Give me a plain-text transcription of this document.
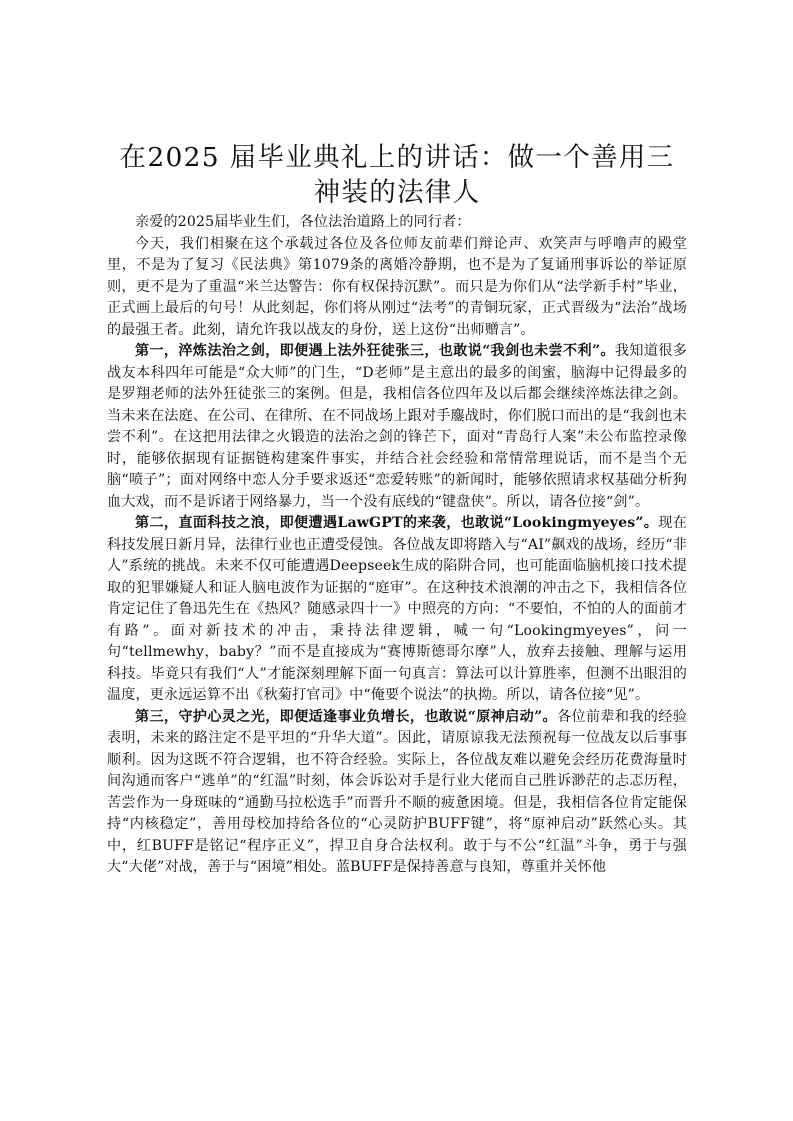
在2025 届毕业典礼上的讲话：做一个善用三
神装的法律人

亲爱的2025届毕业生们，各位法治道路上的同行者：

今天，我们相聚在这个承载过各位及各位师友前辈们辩论声、欢笑声与呼噜声的殿堂里，不是为了复习《民法典》第1079条的离婚冷静期，也不是为了复诵刑事诉讼的举证原则，更不是为了重温“米兰达警告：你有权保持沉默”。而只是为你们从“法学新手村”毕业，正式画上最后的句号！从此刻起，你们将从刚过“法考”的青铜玩家，正式晋级为“法治”战场的最强王者。此刻，请允许我以战友的身份，送上这份“出师赠言”。

第一，淬炼法治之剑，即便遇上法外狂徒张三，也敢说“我剑也未尝不利”。我知道很多战友本科四年可能是“众大师”的门生，“D老师”是主意出的最多的闺蜜，脑海中记得最多的是罗翔老师的法外狂徒张三的案例。但是，我相信各位四年及以后都会继续淬炼法律之剑。当未来在法庭、在公司、在律所、在不同战场上跟对手鏖战时，你们脱口而出的是“我剑也未尝不利”。在这把用法律之火锻造的法治之剑的锋芒下，面对“青岛行人案”未公布监控录像时，能够依据现有证据链构建案件事实，并结合社会经验和常情常理说话，而不是当个无脑“喷子”；面对网络中恋人分手要求返还“恋爱转账”的新闻时，能够依照请求权基础分析狗血大戏，而不是诉诸于网络暴力，当一个没有底线的“键盘侠”。所以，请各位接“剑”。

第二，直面科技之浪，即便遭遇LawGPT的来袭，也敢说“Lookingmyeyes”。现在科技发展日新月异，法律行业也正遭受侵蚀。各位战友即将踏入与“AI”飙戏的战场，经历“非人”系统的挑战。未来不仅可能遭遇Deepseek生成的陷阱合同，也可能面临脑机接口技术提取的犯罪嫌疑人和证人脑电波作为证据的“庭审”。在这种技术浪潮的冲击之下，我相信各位肯定记住了鲁迅先生在《热风？随感录四十一》中照亮的方向：“不要怕，不怕的人的面前才有路”。面对新技术的冲击，秉持法律逻辑，喊一句“Lookingmyeyes”，问一句“tellmewhy，baby？”而不是直接成为“赛博斯德哥尔摩”人，放弃去接触、理解与运用科技。毕竟只有我们“人”才能深刻理解下面一句真言：算法可以计算胜率，但测不出眼泪的温度，更永远运算不出《秋菊打官司》中“俺要个说法”的执拗。所以，请各位接“见”。

第三，守护心灵之光，即便适逢事业负增长，也敢说“原神启动”。各位前辈和我的经验表明，未来的路注定不是平坦的“升华大道”。因此，请原谅我无法预祝每一位战友以后事事顺利。因为这既不符合逻辑，也不符合经验。实际上，各位战友难以避免会经历花费海量时间沟通而客户“逃单”的“红温”时刻，体会诉讼对手是行业大佬而自己胜诉渺茫的忐忑历程，苦尝作为一身斑味的“通勤马拉松选手”而晋升不顺的疲惫困境。但是，我相信各位肯定能保持“内核稳定”，善用母校加持给各位的“心灵防护BUFF键”，将“原神启动”跃然心头。其中，红BUFF是铭记“程序正义”，捍卫自身合法权利。敢于与不公“红温”斗争，勇于与强大“大佬”对战，善于与“困境”相处。蓝BUFF是保持善意与良知，尊重并关怀他
